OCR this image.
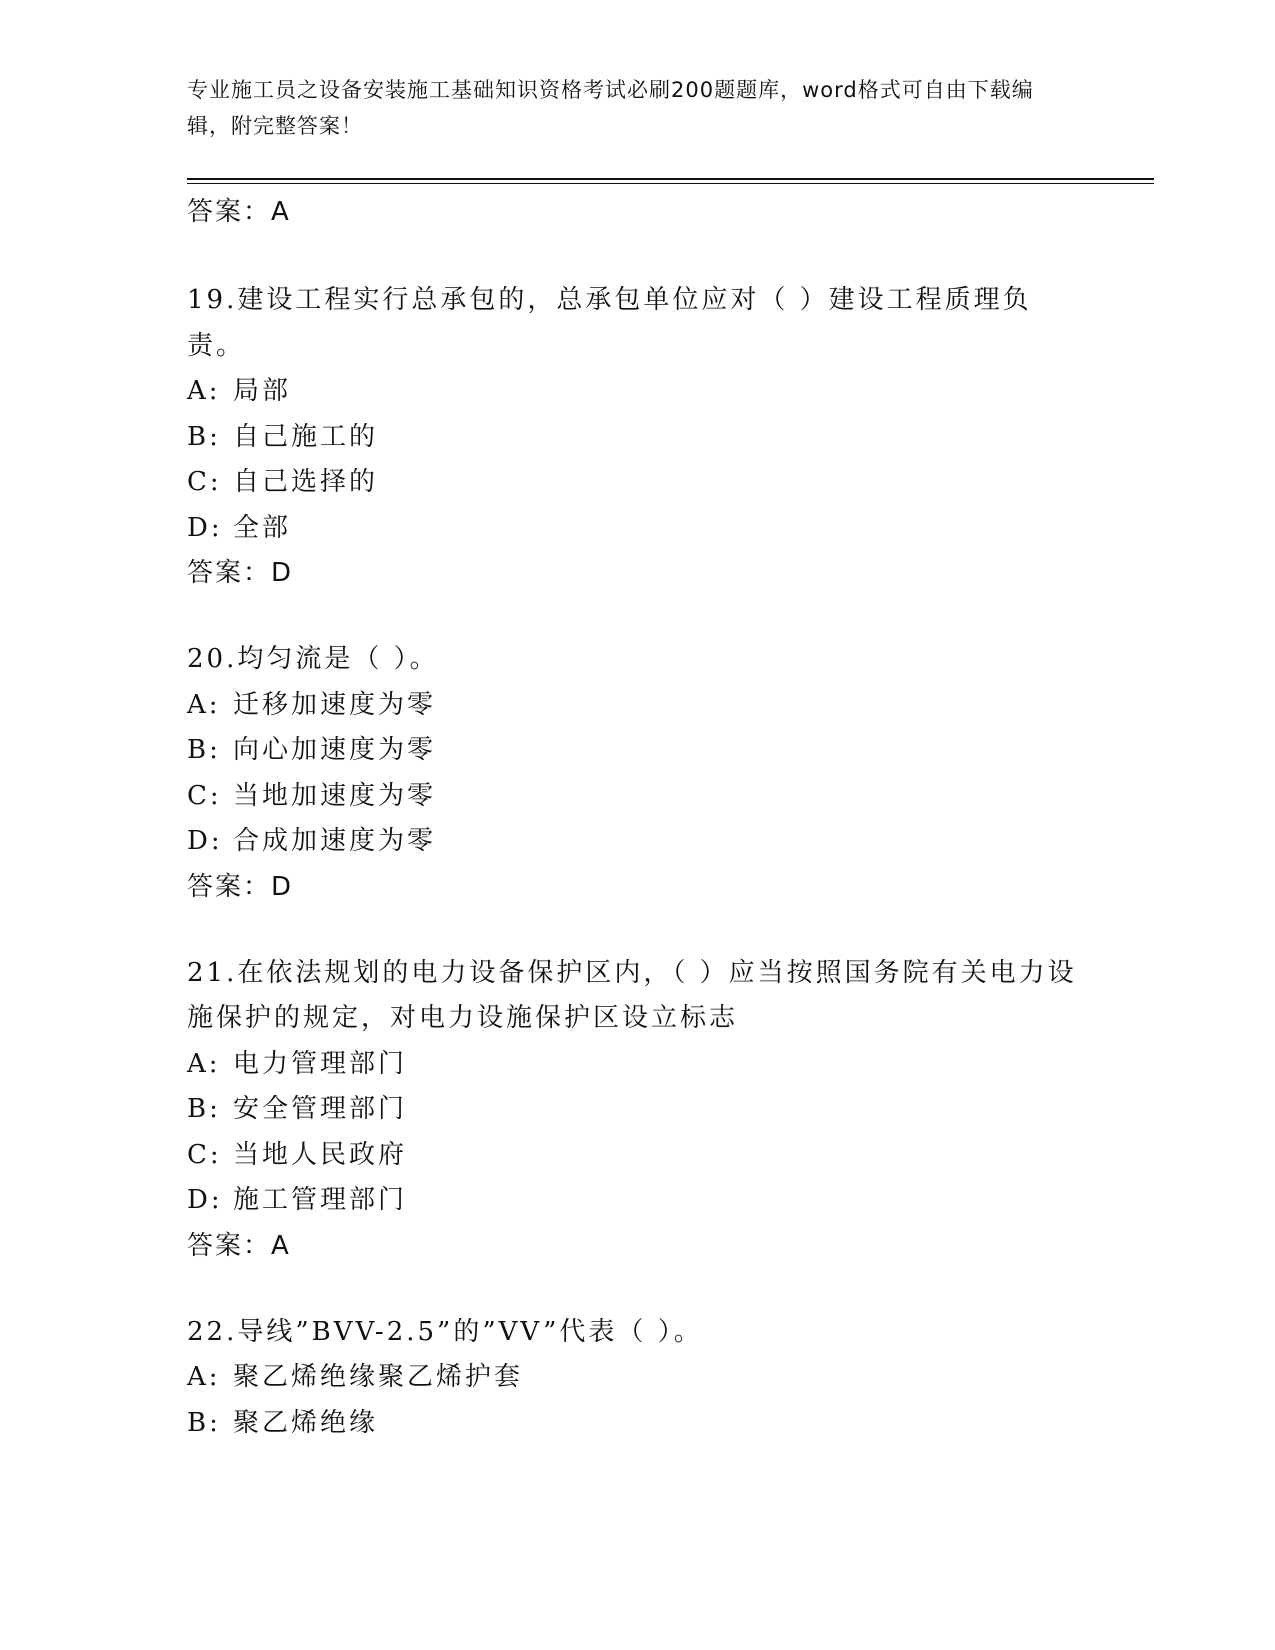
专业施工员之设备安装施工基础知识资格考试必刷200题题库，word格式可自由下载编辑，附完整答案！

答案：A

19.建设工程实行总承包的，总承包单位应对（ ）建设工程质理负责。

A: 局部

B: 自己施工的

C: 自己选择的

D: 全部

答案：D

20.均匀流是（ ）。

A: 迁移加速度为零

B: 向心加速度为零

C: 当地加速度为零

D: 合成加速度为零

答案：D

21.在依法规划的电力设备保护区内，（ ）应当按照国务院有关电力设施保护的规定，对电力设施保护区设立标志

A: 电力管理部门

B: 安全管理部门

C: 当地人民政府

D: 施工管理部门

答案：A

22.导线”BVV-2.5”的”VV”代表（ ）。

A: 聚乙烯绝缘聚乙烯护套

B: 聚乙烯绝缘
